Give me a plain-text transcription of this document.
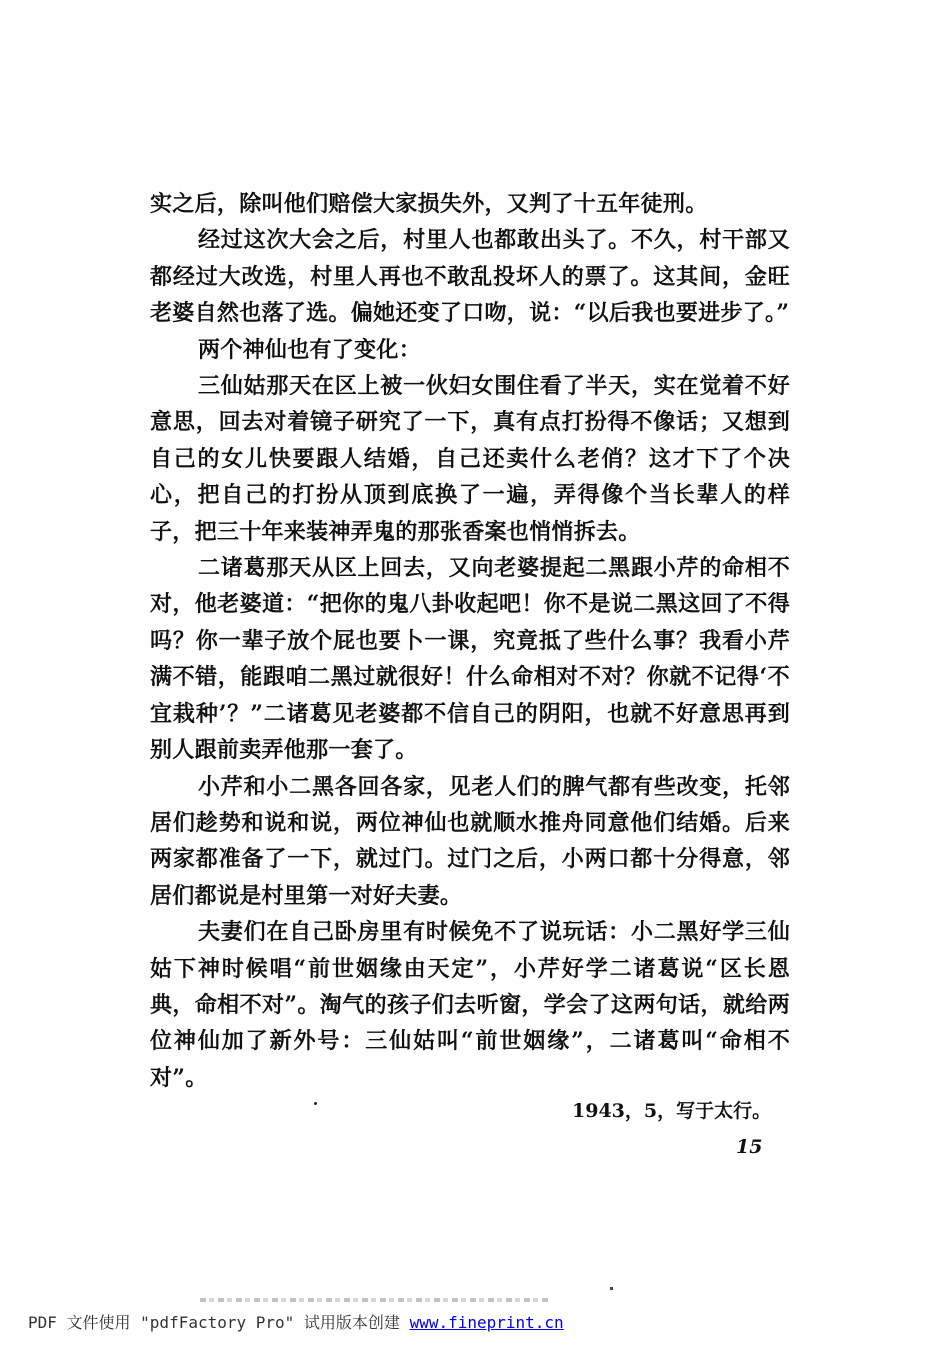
实之后，除叫他们赔偿大家损失外，又判了十五年徒刑。

经过这次大会之后，村里人也都敢出头了。不久，村干部又都经过大改选，村里人再也不敢乱投坏人的票了。这其间，金旺老婆自然也落了选。偏她还变了口吻，说：“以后我也要进步了。”

两个神仙也有了变化：

三仙姑那天在区上被一伙妇女围住看了半天，实在觉着不好意思，回去对着镜子研究了一下，真有点打扮得不像话；又想到自己的女儿快要跟人结婚，自己还卖什么老俏？这才下了个决心，把自己的打扮从顶到底换了一遍，弄得像个当长辈人的样子，把三十年来装神弄鬼的那张香案也悄悄拆去。

二诸葛那天从区上回去，又向老婆提起二黑跟小芹的命相不对，他老婆道：“把你的鬼八卦收起吧！你不是说二黑这回了不得吗？你一辈子放个屁也要卜一课，究竟抵了些什么事？我看小芹满不错，能跟咱二黑过就很好！什么命相对不对？你就不记得‘不宜栽种’？”二诸葛见老婆都不信自己的阴阳，也就不好意思再到别人跟前卖弄他那一套了。

小芹和小二黑各回各家，见老人们的脾气都有些改变，托邻居们趁势和说和说，两位神仙也就顺水推舟同意他们结婚。后来两家都准备了一下，就过门。过门之后，小两口都十分得意，邻居们都说是村里第一对好夫妻。

夫妻们在自己卧房里有时候免不了说玩话：小二黑好学三仙姑下神时候唱“前世姻缘由天定”，小芹好学二诸葛说“区长恩典，命相不对”。淘气的孩子们去听窗，学会了这两句话，就给两位神仙加了新外号：三仙姑叫“前世姻缘”，二诸葛叫“命相不对”。

1943，5，写于太行。
15
PDF 文件使用 "pdfFactory Pro" 试用版本创建 www.fineprint.cn
